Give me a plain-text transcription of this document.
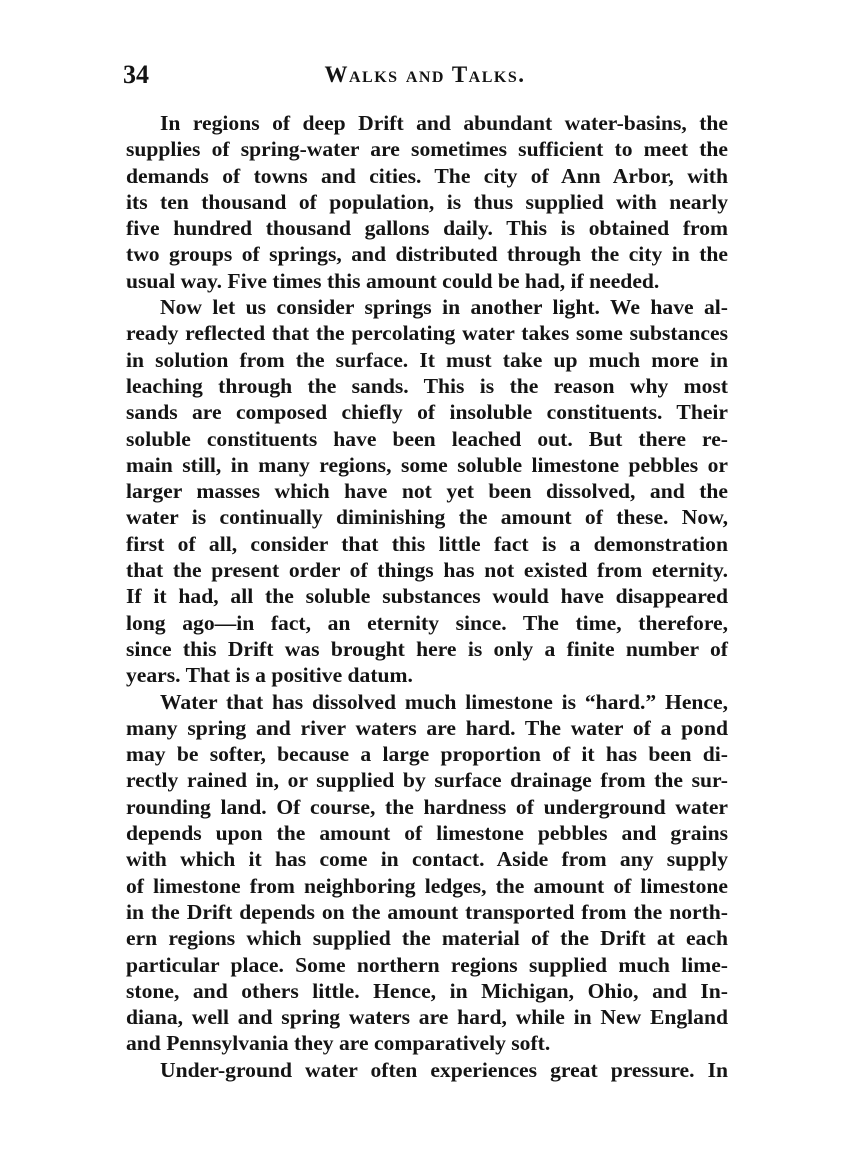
34	Walks and Talks.
In regions of deep Drift and abundant water-basins, the
supplies of spring-water are sometimes sufficient to meet the
demands of towns and cities. The city of Ann Arbor, with
its ten thousand of population, is thus supplied with nearly
five hundred thousand gallons daily. This is obtained from
two groups of springs, and distributed through the city in the
usual way. Five times this amount could be had, if needed.
Now let us consider springs in another light. We have al-
ready reflected that the percolating water takes some substances
in solution from the surface. It must take up much more in
leaching through the sands. This is the reason why most
sands are composed chiefly of insoluble constituents. Their
soluble constituents have been leached out. But there re-
main still, in many regions, some soluble limestone pebbles or
larger masses which have not yet been dissolved, and the
water is continually diminishing the amount of these. Now,
first of all, consider that this little fact is a demonstration
that the present order of things has not existed from eternity.
If it had, all the soluble substances would have disappeared
long ago—in fact, an eternity since. The time, therefore,
since this Drift was brought here is only a finite number of
years. That is a positive datum.
Water that has dissolved much limestone is “hard.” Hence,
many spring and river waters are hard. The water of a pond
may be softer, because a large proportion of it has been di-
rectly rained in, or supplied by surface drainage from the sur-
rounding land. Of course, the hardness of underground water
depends upon the amount of limestone pebbles and grains
with which it has come in contact. Aside from any supply
of limestone from neighboring ledges, the amount of limestone
in the Drift depends on the amount transported from the north-
ern regions which supplied the material of the Drift at each
particular place. Some northern regions supplied much lime-
stone, and others little. Hence, in Michigan, Ohio, and In-
diana, well and spring waters are hard, while in New England
and Pennsylvania they are comparatively soft.
Under-ground water often experiences great pressure. In
